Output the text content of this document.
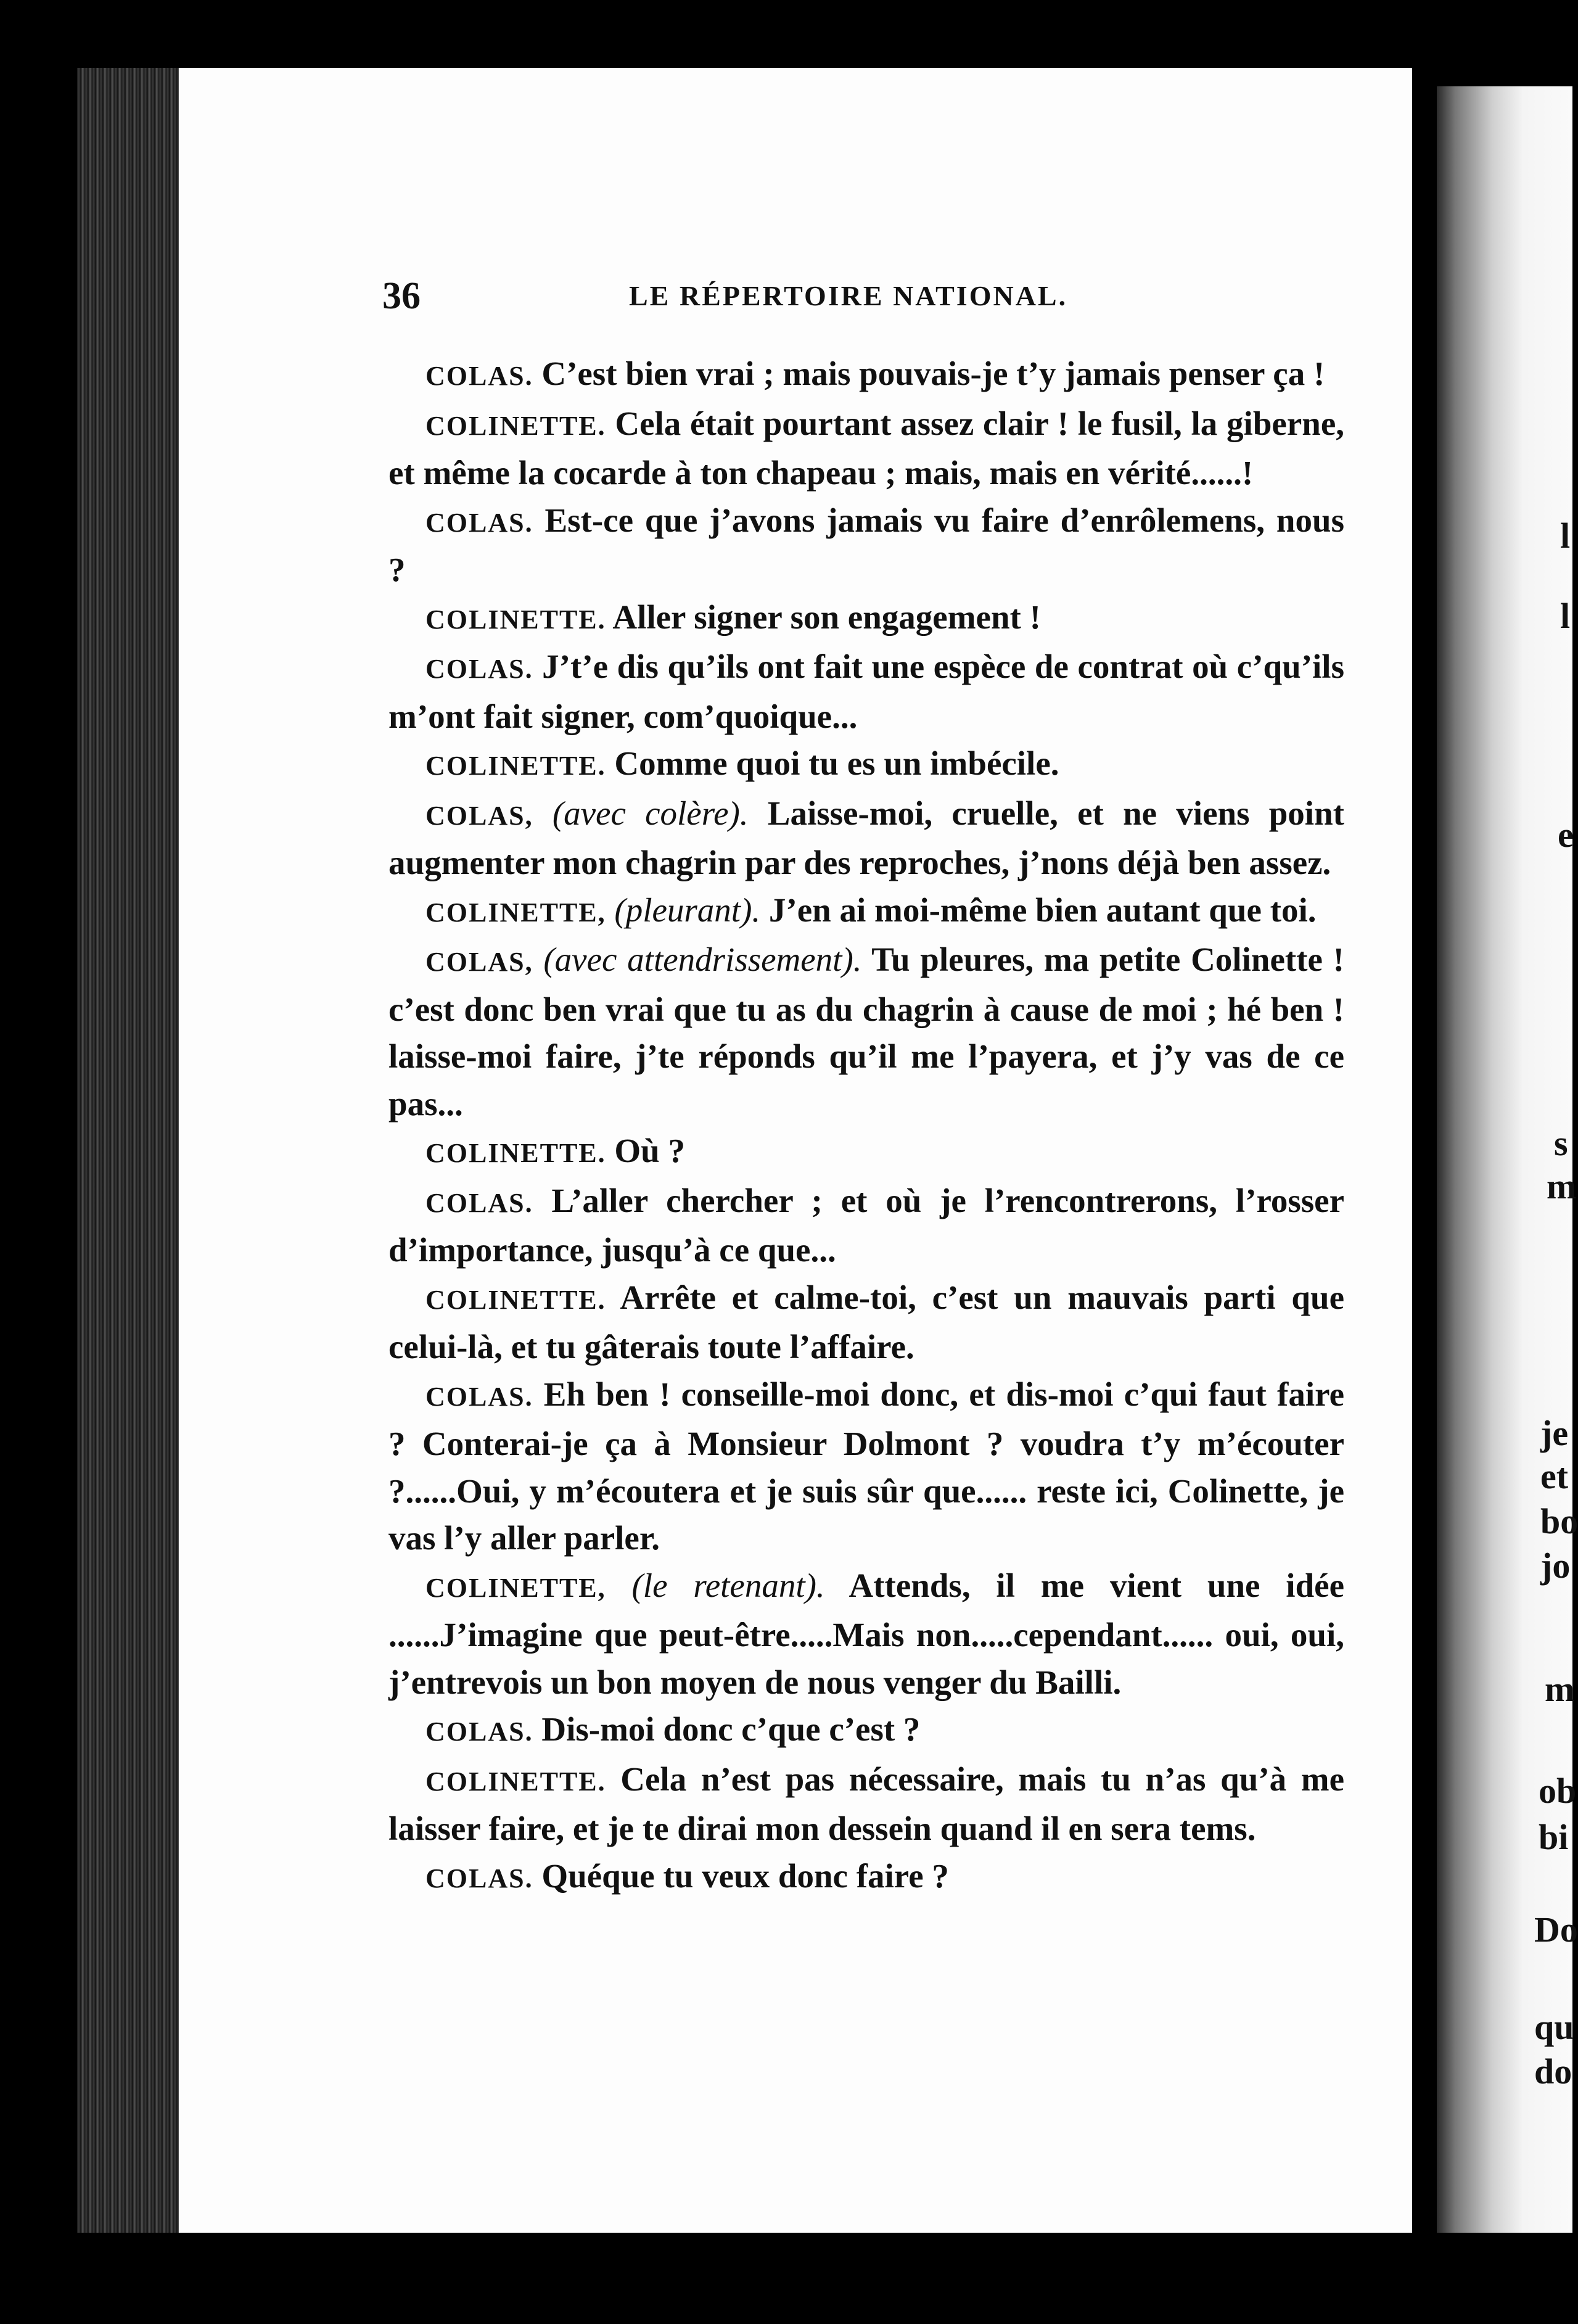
l
l
e
s
m
je
et
bo
jo
m
ob
bi
Do
qu
do
36	LE RÉPERTOIRE NATIONAL.

COLAS. C’est bien vrai ; mais pouvais-je t’y jamais penser ça !

COLINETTE. Cela était pourtant assez clair ! le fusil, la giberne, et même la cocarde à ton chapeau ; mais, mais en vérité......!

COLAS. Est-ce que j’avons jamais vu faire d’enrôlemens, nous ?

COLINETTE. Aller signer son engagement !

COLAS. J’t’e dis qu’ils ont fait une espèce de contrat où c’qu’ils m’ont fait signer, com’quoique...

COLINETTE. Comme quoi tu es un imbécile.

COLAS, (avec colère). Laisse-moi, cruelle, et ne viens point augmenter mon chagrin par des reproches, j’nons déjà ben assez.

COLINETTE, (pleurant). J’en ai moi-même bien autant que toi.

COLAS, (avec attendrissement). Tu pleures, ma petite Colinette ! c’est donc ben vrai que tu as du chagrin à cause de moi ; hé ben ! laisse-moi faire, j’te réponds qu’il me l’payera, et j’y vas de ce pas...

COLINETTE. Où ?

COLAS. L’aller chercher ; et où je l’rencontrerons, l’rosser d’importance, jusqu’à ce que...

COLINETTE. Arrête et calme-toi, c’est un mauvais parti que celui-là, et tu gâterais toute l’affaire.

COLAS. Eh ben ! conseille-moi donc, et dis-moi c’qui faut faire ? Conterai-je ça à Monsieur Dolmont ? voudra t’y m’écouter ?......Oui, y m’écoutera et je suis sûr que...... reste ici, Colinette, je vas l’y aller parler.

COLINETTE, (le retenant). Attends, il me vient une idée ......J’imagine que peut-être.....Mais non.....cependant...... oui, oui, j’entrevois un bon moyen de nous venger du Bailli.

COLAS. Dis-moi donc c’que c’est ?

COLINETTE. Cela n’est pas nécessaire, mais tu n’as qu’à me laisser faire, et je te dirai mon dessein quand il en sera tems.

COLAS. Quéque tu veux donc faire ?
